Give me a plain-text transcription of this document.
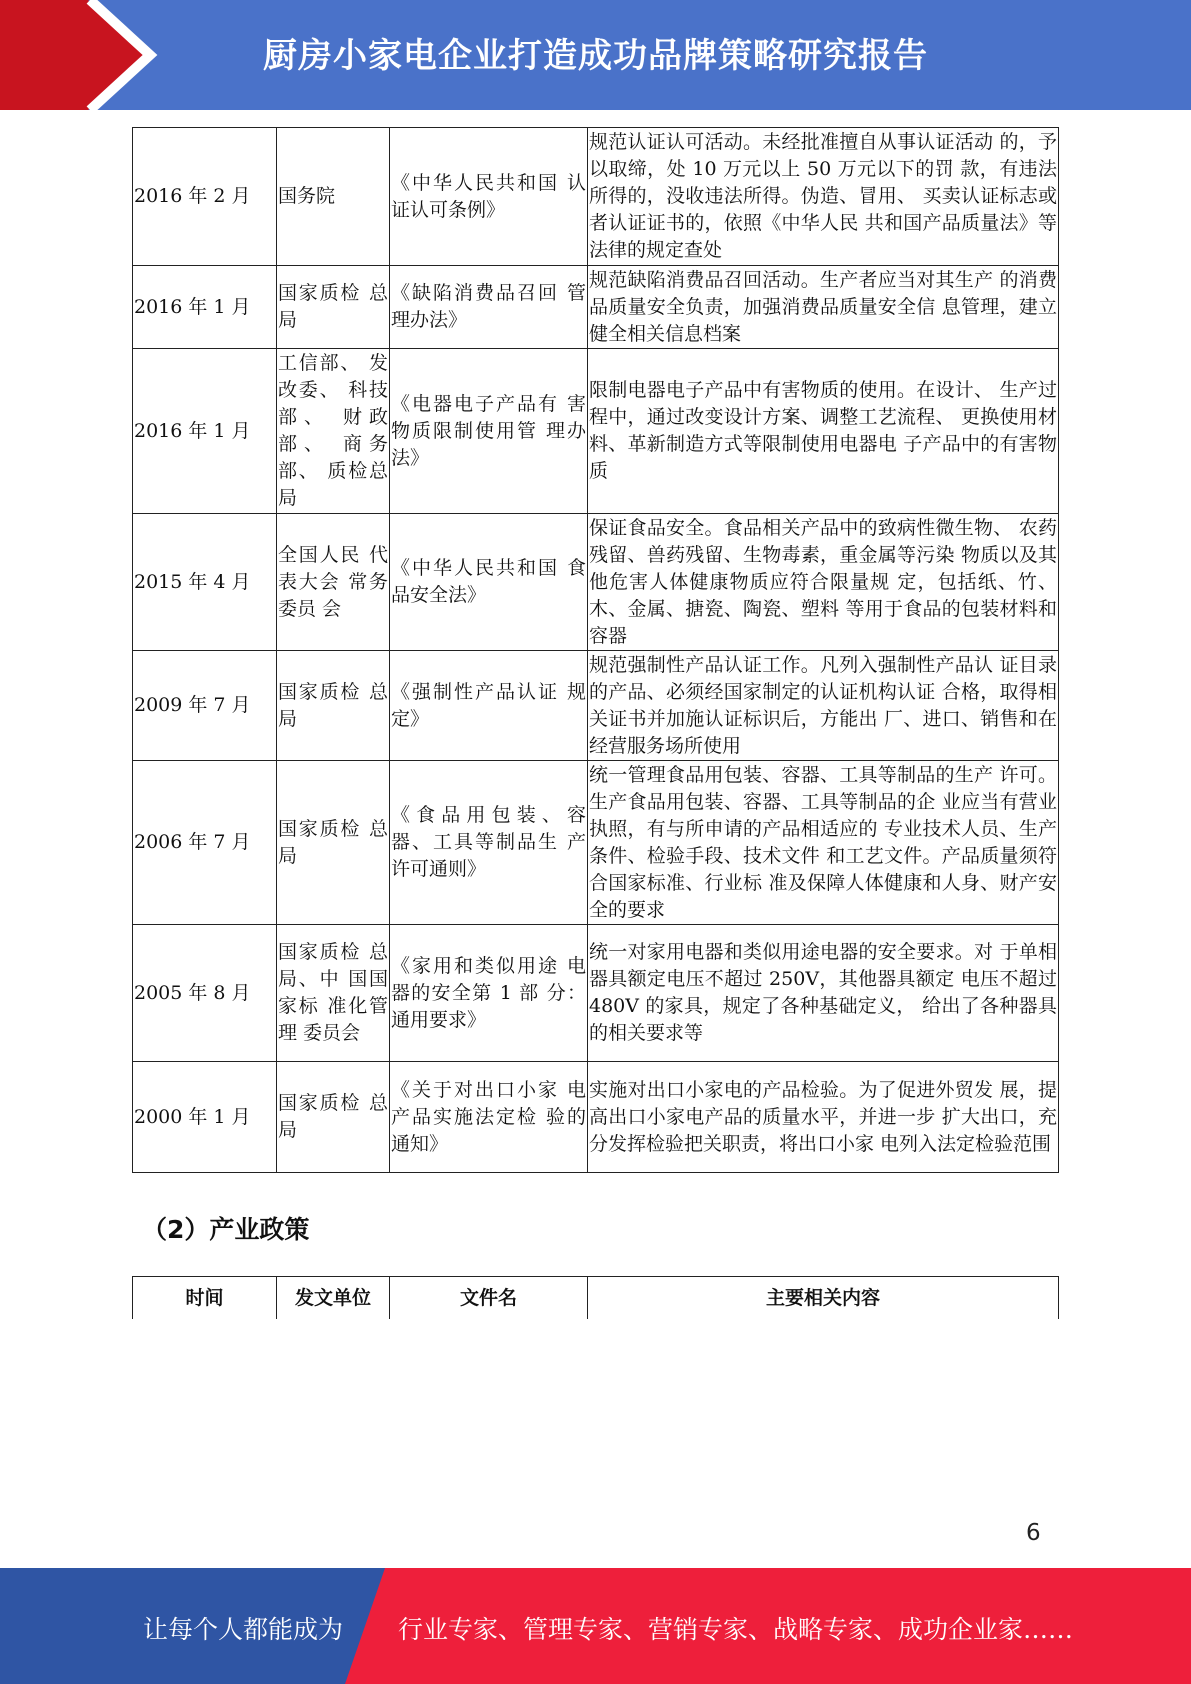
厨房小家电企业打造成功品牌策略研究报告
2016 年 2 月	国务院	《中华人民共和国 认证认可条例》	规范认证认可活动。未经批准擅自从事认证活动 的，予以取缔，处 10 万元以上 50 万元以下的罚 款，有违法所得的，没收违法所得。伪造、冒用、 买卖认证标志或者认证证书的，依照《中华人民 共和国产品质量法》等法律的规定查处
2016 年 1 月	国家质检 总局	《缺陷消费品召回 管理办法》	规范缺陷消费品召回活动。生产者应当对其生产 的消费品质量安全负责，加强消费品质量安全信 息管理，建立健全相关信息档案
2016 年 1 月	工信部、 发改委、 科技部、 财政部、 商务部、 质检总局	《电器电子产品有 害物质限制使用管 理办法》	限制电器电子产品中有害物质的使用。在设计、 生产过程中，通过改变设计方案、调整工艺流程、 更换使用材料、革新制造方式等限制使用电器电 子产品中的有害物质
2015 年 4 月	全国人民 代表大会 常务委员 会	《中华人民共和国 食品安全法》	保证食品安全。食品相关产品中的致病性微生物、 农药残留、兽药残留、生物毒素，重金属等污染 物质以及其他危害人体健康物质应符合限量规 定，包括纸、竹、木、金属、搪瓷、陶瓷、塑料 等用于食品的包装材料和容器
2009 年 7 月	国家质检 总局	《强制性产品认证 规定》	规范强制性产品认证工作。凡列入强制性产品认 证目录的产品、必须经国家制定的认证机构认证 合格，取得相关证书并加施认证标识后，方能出 厂、进口、销售和在经营服务场所使用
2006 年 7 月	国家质检 总局	《食品用包装、容 器、工具等制品生 产许可通则》	统一管理食品用包装、容器、工具等制品的生产 许可。生产食品用包装、容器、工具等制品的企 业应当有营业执照，有与所申请的产品相适应的 专业技术人员、生产条件、检验手段、技术文件 和工艺文件。产品质量须符合国家标准、行业标 准及保障人体健康和人身、财产安全的要求
2005 年 8 月	国家质检 总局、中 国国家标 准化管理 委员会	《家用和类似用途 电器的安全第 1 部 分：通用要求》	统一对家用电器和类似用途电器的安全要求。对 于单相器具额定电压不超过 250V，其他器具额定 电压不超过 480V 的家具，规定了各种基础定义， 给出了各种器具的相关要求等
2000 年 1 月	国家质检 总局	《关于对出口小家 电产品实施法定检 验的通知》	实施对出口小家电的产品检验。为了促进外贸发 展，提高出口小家电产品的质量水平，并进一步 扩大出口，充分发挥检验把关职责，将出口小家 电列入法定检验范围
（2）产业政策
时间	发文单位	文件名	主要相关内容
6
让每个人都能成为 行业专家、管理专家、营销专家、战略专家、成功企业家……
